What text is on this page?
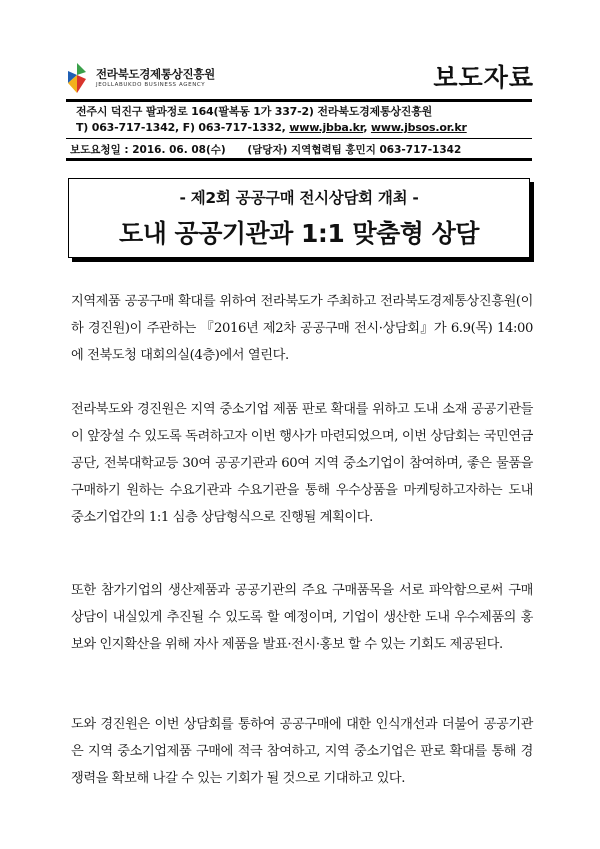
전라북도경제통상진흥원
JEOLLABUKDO BUSINESS AGENCY	보도자료
전주시 덕진구 팔과정로 164(팔복동 1가 337-2) 전라북도경제통상진흥원
T) 063-717-1342, F) 063-717-1332, www.jbba.kr, www.jbsos.or.kr
보도요청일 : 2016. 06. 08(수) (담당자) 지역협력팀 홍민지 063-717-1342
- 제2회 공공구매 전시상담회 개최 -
도내 공공기관과 1:1 맞춤형 상담

지역제품 공공구매 확대를 위하여 전라북도가 주최하고 전라북도경제통상진흥원(이하 경진원)이 주관하는 『2016년 제2차 공공구매 전시·상담회』가 6.9(목) 14:00에 전북도청 대회의실(4층)에서 열린다.

전라북도와 경진원은 지역 중소기업 제품 판로 확대를 위하고 도내 소재 공공기관들이 앞장설 수 있도록 독려하고자 이번 행사가 마련되었으며, 이번 상담회는 국민연금공단, 전북대학교등 30여 공공기관과 60여 지역 중소기업이 참여하며, 좋은 물품을 구매하기 원하는 수요기관과 수요기관을 통해 우수상품을 마케팅하고자하는 도내 중소기업간의 1:1 심층 상담형식으로 진행될 계획이다.

또한 참가기업의 생산제품과 공공기관의 주요 구매품목을 서로 파악함으로써 구매상담이 내실있게 추진될 수 있도록 할 예정이며, 기업이 생산한 도내 우수제품의 홍보와 인지확산을 위해 자사 제품을 발표·전시·홍보 할 수 있는 기회도 제공된다.

도와 경진원은 이번 상담회를 통하여 공공구매에 대한 인식개선과 더불어 공공기관은 지역 중소기업제품 구매에 적극 참여하고, 지역 중소기업은 판로 확대를 통해 경쟁력을 확보해 나갈 수 있는 기회가 될 것으로 기대하고 있다.
